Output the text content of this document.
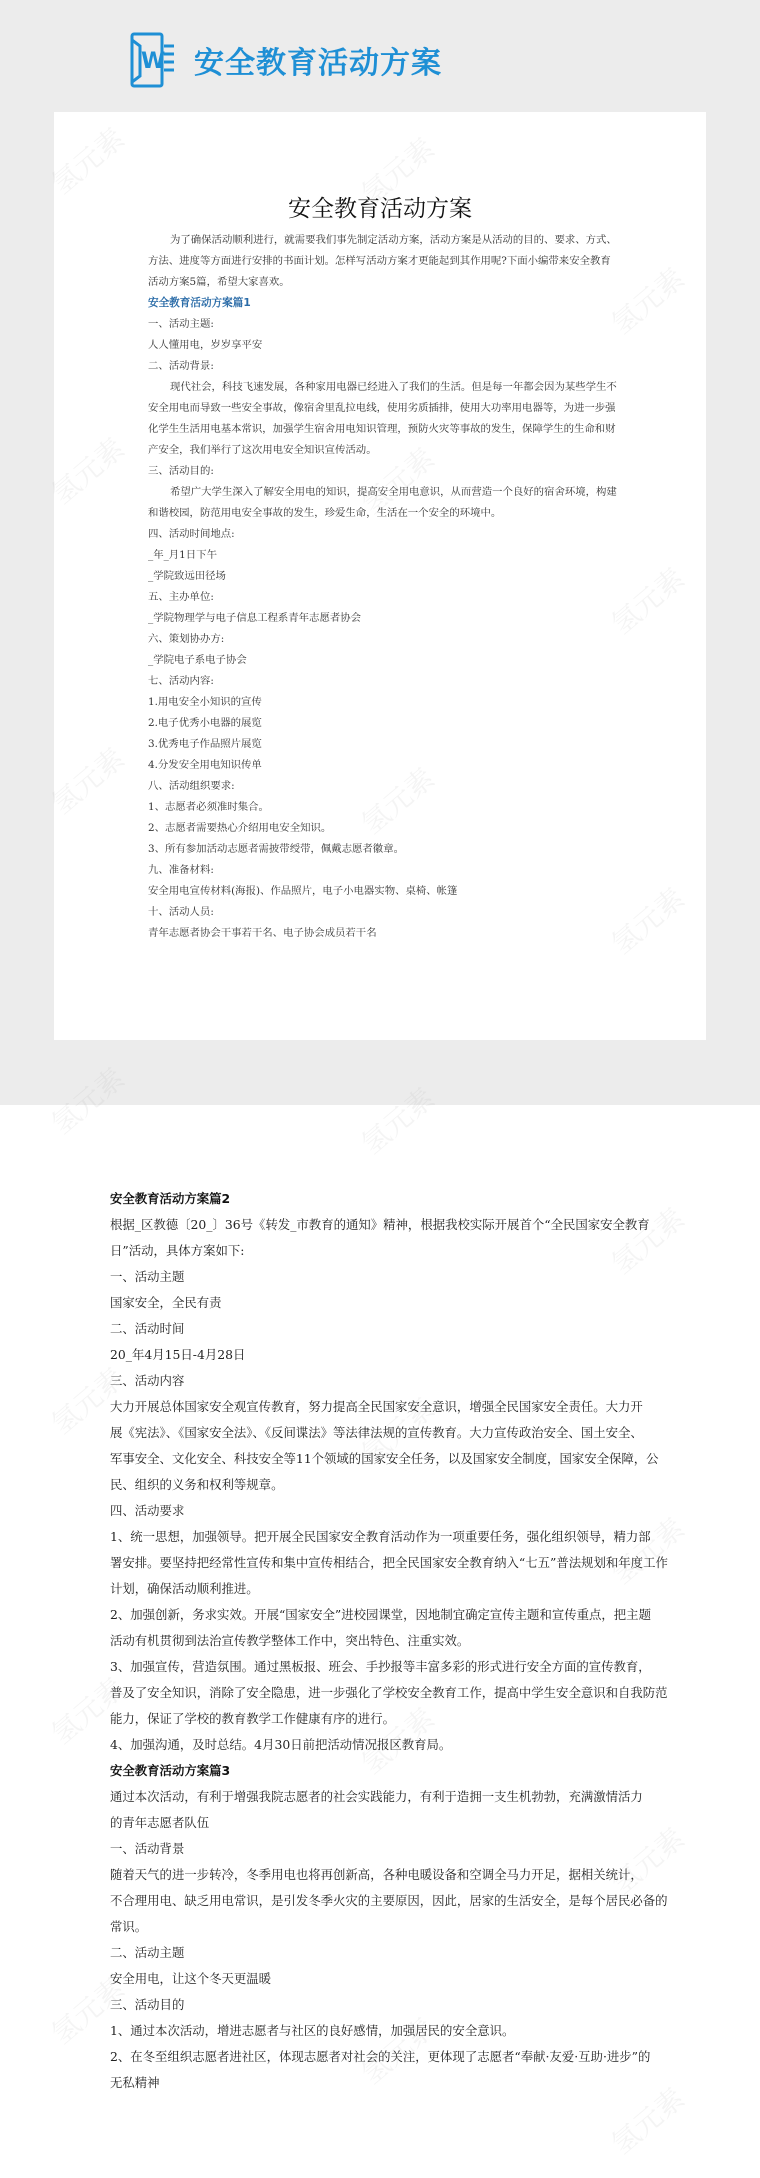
W 安全教育活动方案
安全教育活动方案
为了确保活动顺利进行，就需要我们事先制定活动方案，活动方案是从活动的目的、要求、方式、
方法、进度等方面进行安排的书面计划。怎样写活动方案才更能起到其作用呢?下面小编带来安全教育
活动方案5篇，希望大家喜欢。
安全教育活动方案篇1
一、活动主题:
人人懂用电，岁岁享平安
二、活动背景:
现代社会，科技飞速发展，各种家用电器已经进入了我们的生活。但是每一年都会因为某些学生不
安全用电而导致一些安全事故，像宿舍里乱拉电线，使用劣质插排，使用大功率用电器等，为进一步强
化学生生活用电基本常识，加强学生宿舍用电知识管理，预防火灾等事故的发生，保障学生的生命和财
产安全，我们举行了这次用电安全知识宣传活动。
三、活动目的:
希望广大学生深入了解安全用电的知识，提高安全用电意识，从而营造一个良好的宿舍环境，构建
和谐校园，防范用电安全事故的发生，珍爱生命，生活在一个安全的环境中。
四、活动时间地点:
_年_月1日下午
_学院致远田径场
五、主办单位:
_学院物理学与电子信息工程系青年志愿者协会
六、策划协办方:
_学院电子系电子协会
七、活动内容:
1.用电安全小知识的宣传
2.电子优秀小电器的展览
3.优秀电子作品照片展览
4.分发安全用电知识传单
八、活动组织要求:
1、志愿者必须准时集合。
2、志愿者需要热心介绍用电安全知识。
3、所有参加活动志愿者需披带绶带，佩戴志愿者徽章。
九、准备材料:
安全用电宣传材料(海报)、作品照片，电子小电器实物、桌椅、帐篷
十、活动人员:
青年志愿者协会干事若干名、电子协会成员若干名
安全教育活动方案篇2
根据_区教德〔20_〕36号《转发_市教育的通知》精神，根据我校实际开展首个“全民国家安全教育
日”活动，具体方案如下:
一、活动主题
国家安全，全民有责
二、活动时间
20_年4月15日-4月28日
三、活动内容
大力开展总体国家安全观宣传教育，努力提高全民国家安全意识，增强全民国家安全责任。大力开
展《宪法》、《国家安全法》、《反间谍法》等法律法规的宣传教育。大力宣传政治安全、国土安全、
军事安全、文化安全、科技安全等11个领域的国家安全任务，以及国家安全制度，国家安全保障，公
民、组织的义务和权利等规章。
四、活动要求
1、统一思想，加强领导。把开展全民国家安全教育活动作为一项重要任务，强化组织领导，精力部
署安排。要坚持把经常性宣传和集中宣传相结合，把全民国家安全教育纳入“七五”普法规划和年度工作
计划，确保活动顺利推进。
2、加强创新，务求实效。开展“国家安全”进校园课堂，因地制宜确定宣传主题和宣传重点，把主题
活动有机贯彻到法治宣传教学整体工作中，突出特色、注重实效。
3、加强宣传，营造氛围。通过黑板报、班会、手抄报等丰富多彩的形式进行安全方面的宣传教育，
普及了安全知识，消除了安全隐患，进一步强化了学校安全教育工作，提高中学生安全意识和自我防范
能力，保证了学校的教育教学工作健康有序的进行。
4、加强沟通，及时总结。4月30日前把活动情况报区教育局。
安全教育活动方案篇3
通过本次活动，有利于增强我院志愿者的社会实践能力，有利于造拥一支生机勃勃，充满激情活力
的青年志愿者队伍
一、活动背景
随着天气的进一步转冷，冬季用电也将再创新高，各种电暖设备和空调全马力开足，据相关统计，
不合理用电、缺乏用电常识，是引发冬季火灾的主要原因，因此，居家的生活安全，是每个居民必备的
常识。
二、活动主题
安全用电，让这个冬天更温暖
三、活动目的
1、通过本次活动，增进志愿者与社区的良好感情，加强居民的安全意识。
2、在冬至组织志愿者进社区，体现志愿者对社会的关注，更体现了志愿者“奉献·友爱·互助·进步”的
无私精神
氢元素
氢元素
氢元素	氢元素
氢元素
氢元素	氢元素
氢元素
氢元素
氢元素
氢元素
